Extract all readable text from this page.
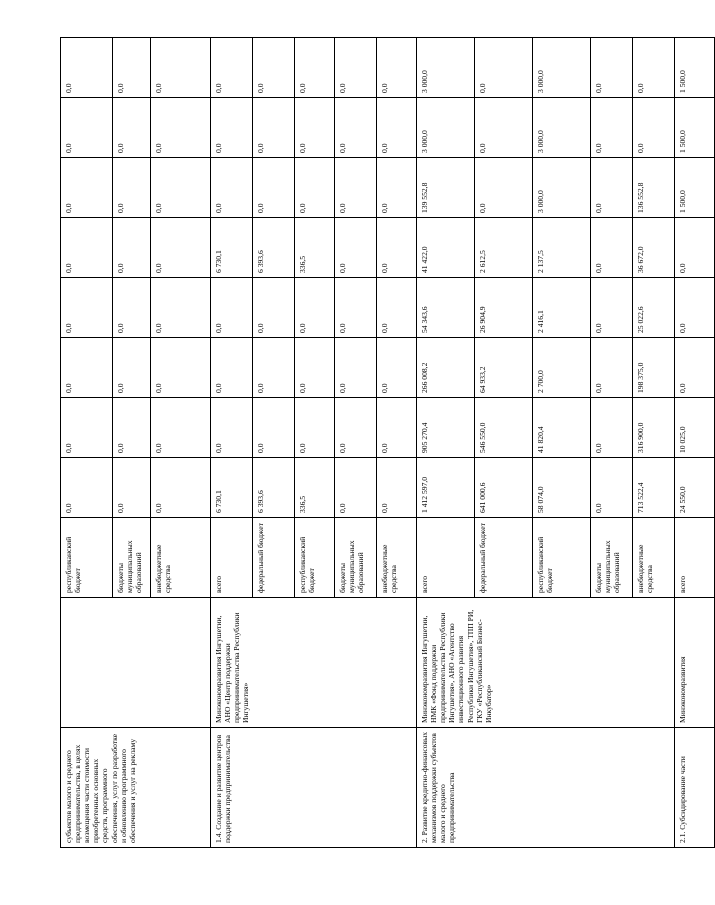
субъектов малого и среднего предпринимательства, в целях возмещения части стоимости приобретенных основных средств, программного обеспечения, услуг по разработке и обновлению программного обеспечения и услуг на рекламу		республиканский бюджет	0,0	0,0	0,0	0,0	0,0	0,0	0,0	0,0
		бюджеты муниципальных образований	0,0	0,0	0,0	0,0	0,0	0,0	0,0	0,0
		внебюджетные средства	0,0	0,0	0,0	0,0	0,0	0,0	0,0	0,0
1.4. Создание и развитие центров поддержки предпринимательства	Минэкономразвития Ингушетии, АНО «Центр поддержки предпринимательства Республики Ингушетия»	всего	6 730,1	0,0	0,0	0,0	6 730,1	0,0	0,0	0,0
		федеральный бюджет	6 393,6	0,0	0,0	0,0	6 393,6	0,0	0,0	0,0
		республиканский бюджет	336,5	0,0	0,0	0,0	336,5	0,0	0,0	0,0
		бюджеты муниципальных образований	0,0	0,0	0,0	0,0	0,0	0,0	0,0	0,0
		внебюджетные средства	0,0	0,0	0,0	0,0	0,0	0,0	0,0	0,0
2. Развитие кредитно-финансовых механизмов поддержки субъектов малого и среднего предпринимательства	Минэкономразвития Ингушетии, НМК «Фонд поддержки предпринимательства Республики Ингушетия», АНО «Агентство инвестиционного развития Республики Ингушетия», ТПП РИ, ГКУ «Республиканский Бизнес-Инкубатор»	всего	1 412 597,0	905 270,4	266 008,2	54 343,6	41 422,0	139 552,8	3 000,0	3 000,0
		федеральный бюджет	641 000,6	546 550,0	64 933,2	26 904,9	2 612,5	0,0	0,0	0,0
		республиканский бюджет	58 074,0	41 820,4	2 700,0	2 416,1	2 137,5	3 000,0	3 000,0	3 000,0
		бюджеты муниципальных образований	0,0	0,0	0,0	0,0	0,0	0,0	0,0	0,0
		внебюджетные средства	713 522,4	316 900,0	198 375,0	25 022,6	36 672,0	136 552,8	0,0	0,0
2.1. Субсидирование части	Минэкономразвития	всего	24 550,0	10 025,0	0,0	0,0	0,0	1 500,0	1 500,0	1 500,0
